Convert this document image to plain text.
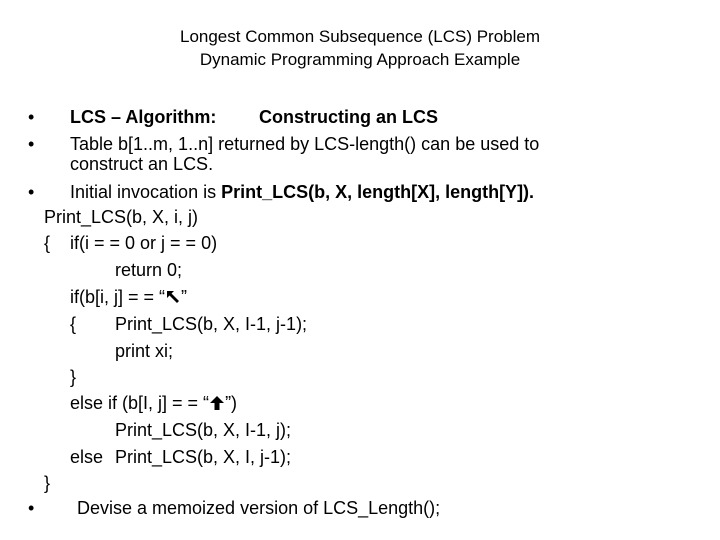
Longest Common Subsequence (LCS) Problem
Dynamic Programming Approach Example
• LCS – Algorithm: Constructing an LCS
• Table b[1..m, 1..n] returned by LCS-length() can be used to
construct an LCS.
• Initial invocation is Print_LCS(b, X, length[X], length[Y]).
Print_LCS(b, X, i, j)
{ if(i = = 0 or j = = 0)
return 0;
if(b[i, j] = = “ ”
{ Print_LCS(b, X, I-1, j-1);
print xi;
}
else if (b[I, j] = = “ ”)
Print_LCS(b, X, I-1, j);
else Print_LCS(b, X, I, j-1);
}
• Devise a memoized version of LCS_Length();
